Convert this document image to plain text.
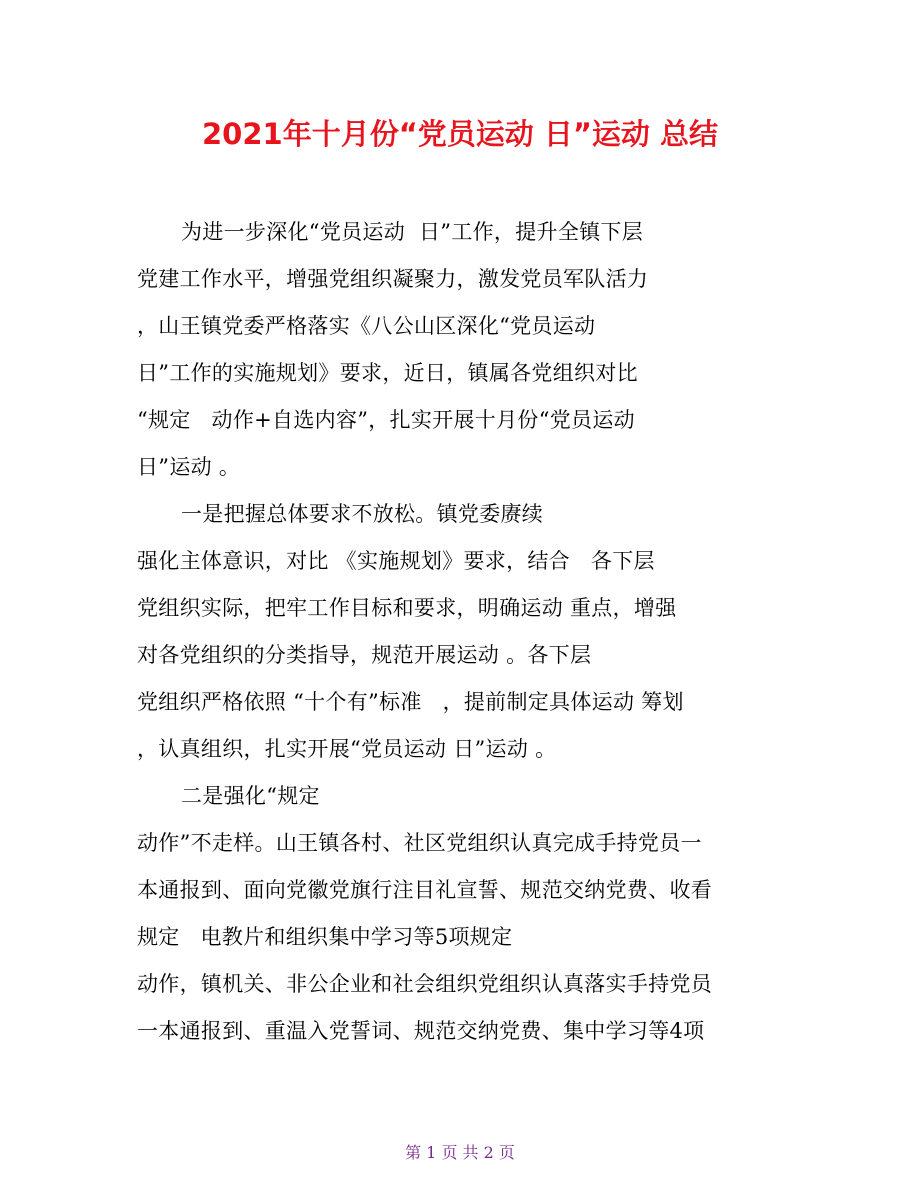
2021年十月份“党员运动 日”运动 总结
为进一步深化“党员运动  日”工作，提升全镇下层
党建工作水平，增强党组织凝聚力，激发党员军队活力
，山王镇党委严格落实《八公山区深化“党员运动
日”工作的实施规划》要求，近日，镇属各党组织对比
“规定   动作+自选内容”，扎实开展十月份“党员运动
日”运动 。
一是把握总体要求不放松。镇党委赓续
强化主体意识，对比 《实施规划》要求，结合   各下层
党组织实际，把牢工作目标和要求，明确运动 重点，增强
对各党组织的分类指导，规范开展运动 。各下层
党组织严格依照 “十个有”标准   ，提前制定具体运动 筹划
，认真组织，扎实开展“党员运动 日”运动 。
二是强化“规定
动作”不走样。山王镇各村、社区党组织认真完成手持党员一
本通报到、面向党徽党旗行注目礼宣誓、规范交纳党费、收看
规定   电教片和组织集中学习等5项规定
动作，镇机关、非公企业和社会组织党组织认真落实手持党员
一本通报到、重温入党誓词、规范交纳党费、集中学习等4项
第 1 页 共 2 页
